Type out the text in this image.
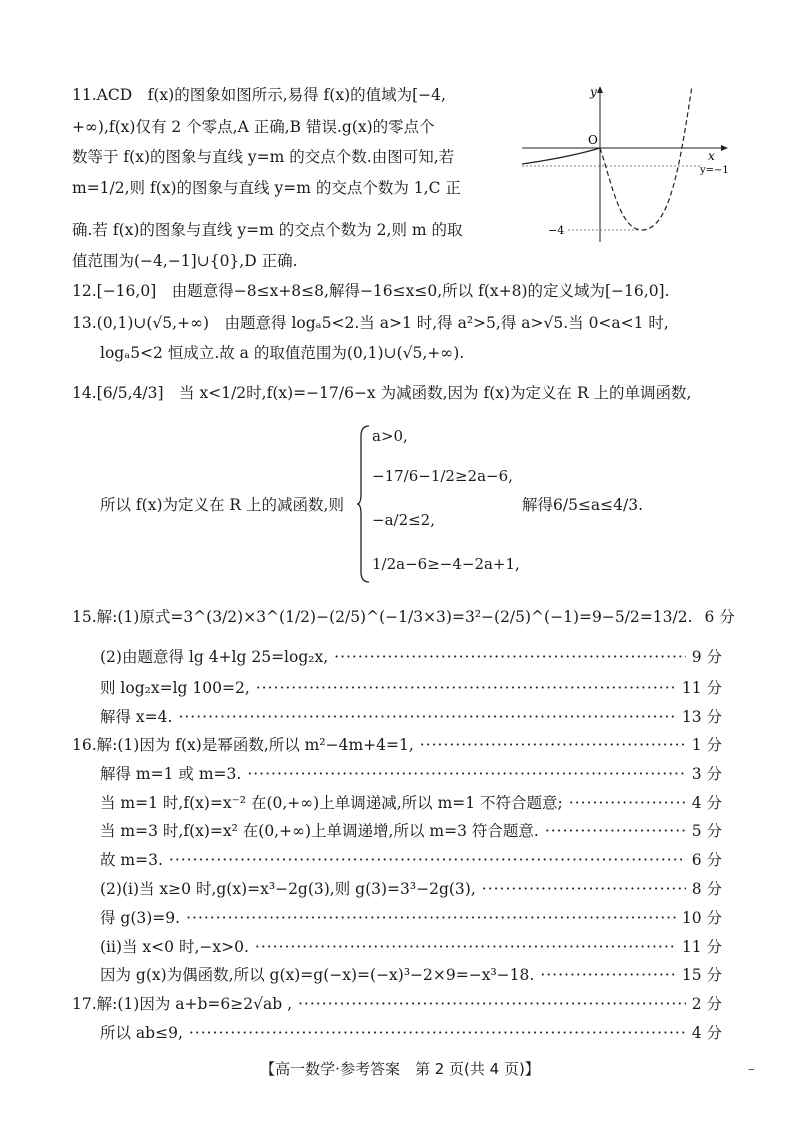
11.ACD　f(x)的图象如图所示,易得 f(x)的值域为[−4,
+∞),f(x)仅有 2 个零点,A 正确,B 错误.g(x)的零点个
数等于 f(x)的图象与直线 y=m 的交点个数.由图可知,若
m=1/2,则 f(x)的图象与直线 y=m 的交点个数为 1,C 正
确.若 f(x)的图象与直线 y=m 的交点个数为 2,则 m 的取
值范围为(−4,−1]∪{0},D 正确.
y
x
O
y=−1
−4
12.[−16,0]　由题意得−8≤x+8≤8,解得−16≤x≤0,所以 f(x+8)的定义域为[−16,0].
13.(0,1)∪(√5,+∞)　由题意得 logₐ5<2.当 a>1 时,得 a²>5,得 a>√5.当 0<a<1 时,
logₐ5<2 恒成立.故 a 的取值范围为(0,1)∪(√5,+∞).
14.[6/5,4/3]　当 x<1/2时,f(x)=−17/6−x 为减函数,因为 f(x)为定义在 R 上的单调函数,
所以 f(x)为定义在 R 上的减函数,则
a>0,
−17/6−1/2≥2a−6,
−a/2≤2,
1/2a−6≥−4−2a+1,
解得6/5≤a≤4/3.
15.解:(1)原式=3^(3/2)×3^(1/2)−(2/5)^(−1/3×3)=3²−(2/5)^(−1)=9−5/2=13/2. 6 分
(2)由题意得 lg 4+lg 25=log₂x, ·····	9 分
则 log₂x=lg 100=2, ·····	11 分
解得 x=4. ·····	13 分
16.解:(1)因为 f(x)是幂函数,所以 m²−4m+4=1, ·····	1 分
解得 m=1 或 m=3. ·····	3 分
当 m=1 时,f(x)=x⁻² 在(0,+∞)上单调递减,所以 m=1 不符合题意; ·····	4 分
当 m=3 时,f(x)=x² 在(0,+∞)上单调递增,所以 m=3 符合题意. ·····	5 分
故 m=3. ·····	6 分
(2)(ⅰ)当 x≥0 时,g(x)=x³−2g(3),则 g(3)=3³−2g(3), ·····	8 分
得 g(3)=9. ·····	10 分
(ⅱ)当 x<0 时,−x>0. ·····	11 分
因为 g(x)为偶函数,所以 g(x)=g(−x)=(−x)³−2×9=−x³−18. ·····	15 分
17.解:(1)因为 a+b=6≥2√ab , ·····	2 分
所以 ab≤9, ·····	4 分
【高一数学·参考答案　第 2 页(共 4 页)】	–
